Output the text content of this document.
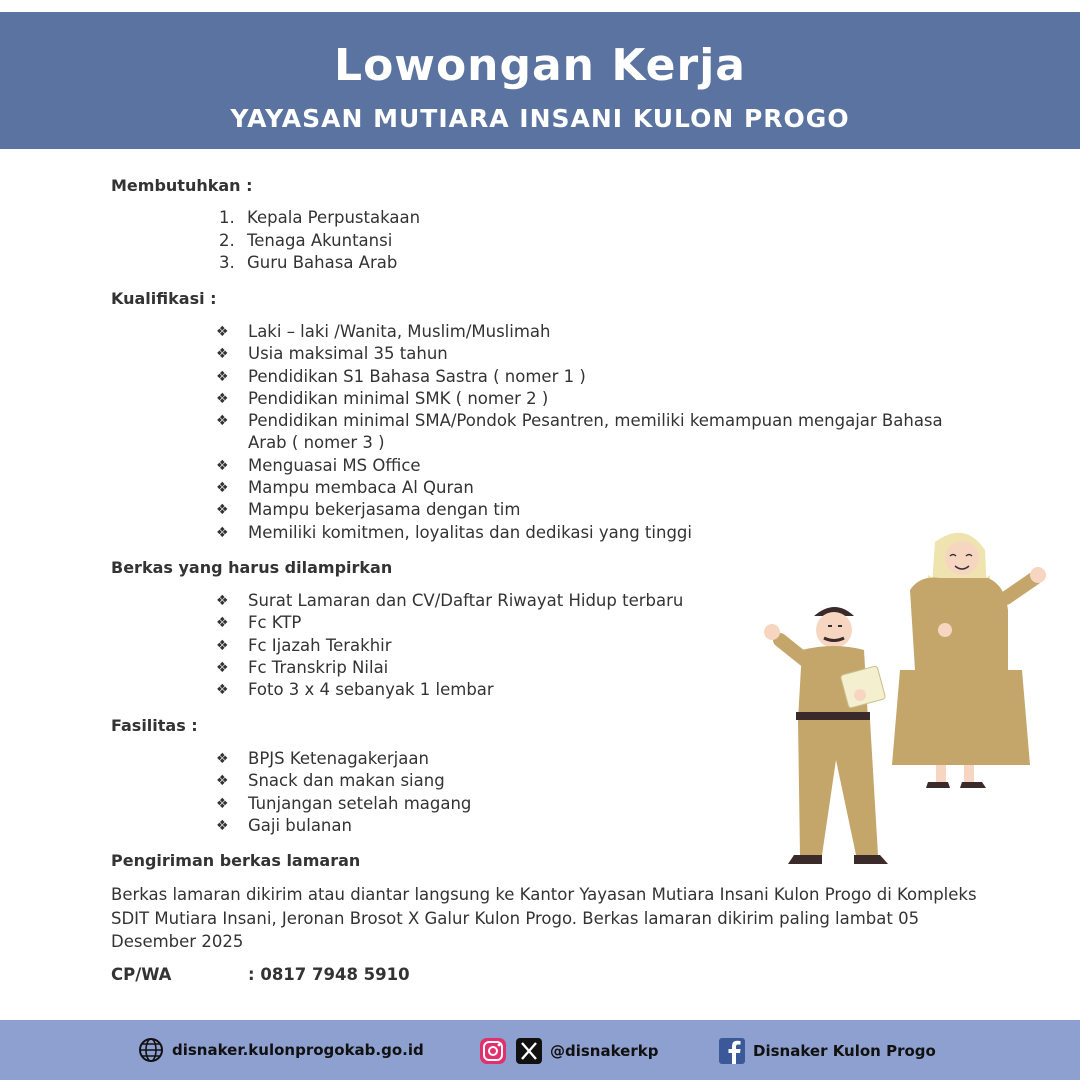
Lowongan Kerja
YAYASAN MUTIARA INSANI KULON PROGO
Membutuhkan :
1. Kepala Perpustakaan
2. Tenaga Akuntansi
3. Guru Bahasa Arab
Kualifikasi :
❖	Laki – laki /Wanita, Muslim/Muslimah
❖	Usia maksimal 35 tahun
❖	Pendidikan S1 Bahasa Sastra ( nomer 1 )
❖	Pendidikan minimal SMK ( nomer 2 )
❖	Pendidikan minimal SMA/Pondok Pesantren, memiliki kemampuan mengajar Bahasa Arab ( nomer 3 )
❖	Menguasai MS Office
❖	Mampu membaca Al Quran
❖	Mampu bekerjasama dengan tim
❖	Memiliki komitmen, loyalitas dan dedikasi yang tinggi
Berkas yang harus dilampirkan
❖	Surat Lamaran dan CV/Daftar Riwayat Hidup terbaru
❖	Fc KTP
❖	Fc Ijazah Terakhir
❖	Fc Transkrip Nilai
❖	Foto 3 x 4 sebanyak 1 lembar
Fasilitas :
❖	BPJS Ketenagakerjaan
❖	Snack dan makan siang
❖	Tunjangan setelah magang
❖	Gaji bulanan
Pengiriman berkas lamaran
Berkas lamaran dikirim atau diantar langsung ke Kantor Yayasan Mutiara Insani Kulon Progo di Kompleks SDIT Mutiara Insani, Jeronan Brosot X Galur Kulon Progo. Berkas lamaran dikirim paling lambat 05 Desember 2025
CP/WA	: 0817 7948 5910
disnaker.kulonprogokab.go.id	@disnakerkp	Disnaker Kulon Progo
